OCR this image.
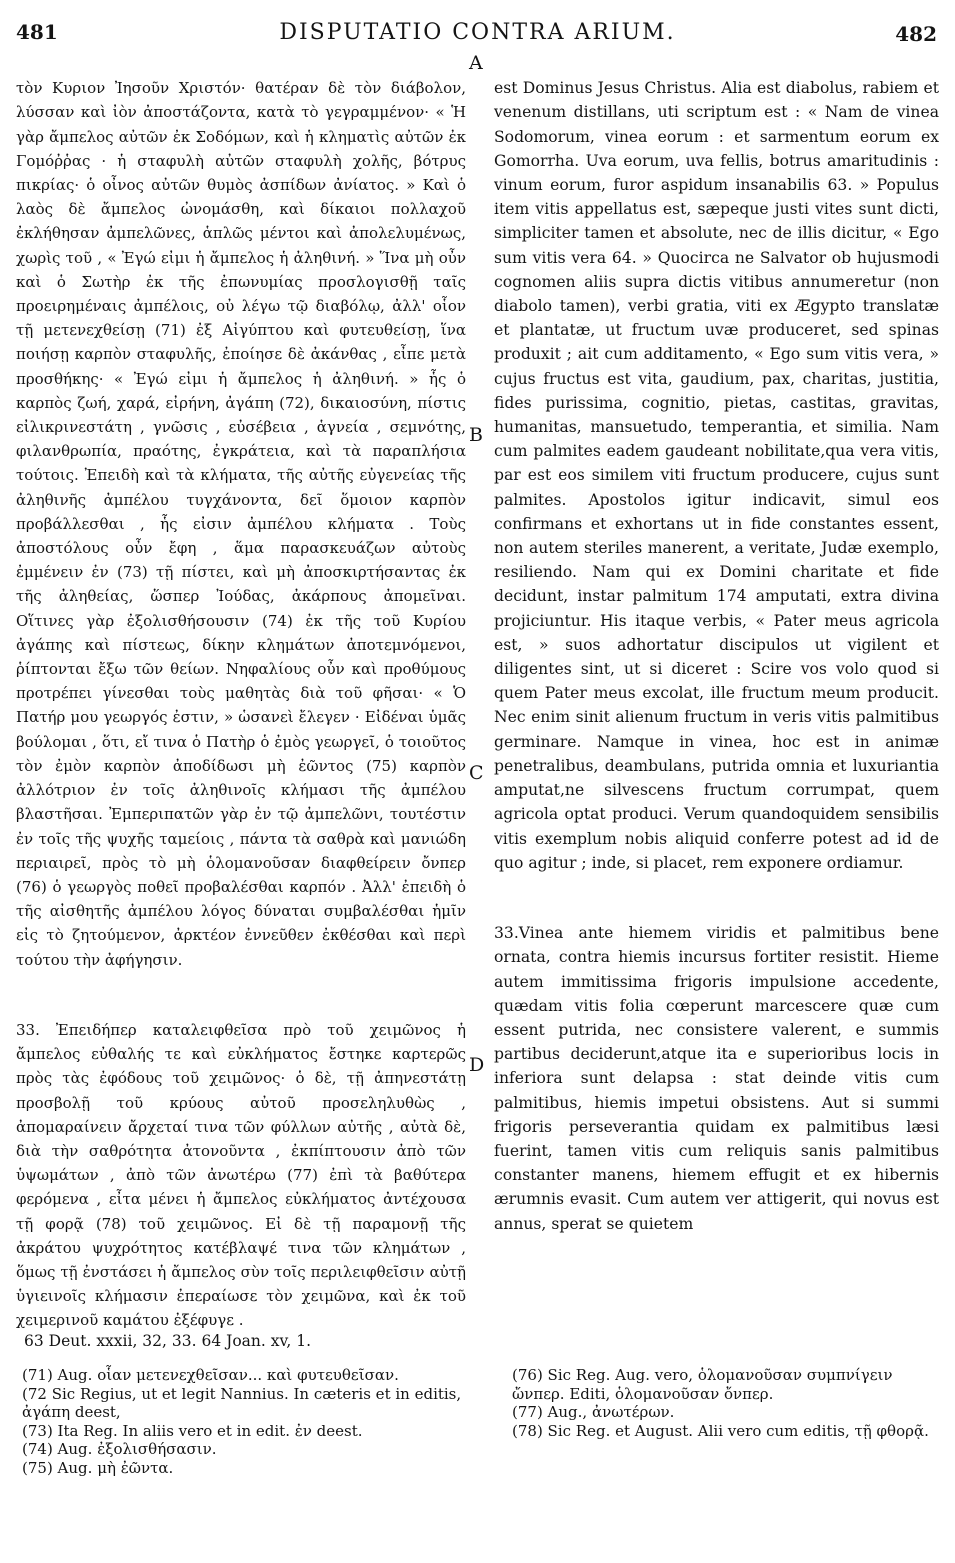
481	DISPUTATIO CONTRA ARIUM.	482

τὸν Κυριον Ἰησοῦν Χριστόν· θατέραν δὲ τὸν διάβολον, λύσσαν καὶ ἰὸν ἀποστάζοντα, κατὰ τὸ γεγραμμένον· « Ἡ γὰρ ἄμπελος αὐτῶν ἐκ Σοδόμων, καὶ ἡ κληματὶς αὐτῶν ἐκ Γομόῤῥας · ἡ σταφυλὴ αὐτῶν σταφυλὴ χολῆς, βότρυς πικρίας· ὁ οἶνος αὐτῶν θυμὸς ἀσπίδων ἀνίατος. » Καὶ ὁ λαὸς δὲ ἄμπελος ὠνομάσθη, καὶ δίκαιοι πολλαχοῦ ἐκλήθησαν ἀμπελῶνες, ἁπλῶς μέντοι καὶ ἀπολελυμένως, χωρὶς τοῦ , « Ἐγώ εἰμι ἡ ἄμπελος ἡ ἀληθινή. » Ἵνα μὴ οὖν καὶ ὁ Σωτὴρ ἐκ τῆς ἐπωνυμίας προσλογισθῇ ταῖς προειρημέναις ἀμπέλοις, οὐ λέγω τῷ διαβόλῳ, ἀλλ' οἷον τῇ μετενεχθείσῃ (71) ἐξ Αἰγύπτου καὶ φυτευθείσῃ, ἵνα ποιήσῃ καρπὸν σταφυλῆς, ἐποίησε δὲ ἀκάνθας , εἶπε μετὰ προσθήκης· « Ἐγώ εἰμι ἡ ἄμπελος ἡ ἀληθινή. » ἧς ὁ καρπὸς ζωή, χαρά, εἰρήνη, ἀγάπη (72), δικαιοσύνη, πίστις εἰλικρινεστάτη , γνῶσις , εὐσέβεια , ἁγνεία , σεμνότης, φιλανθρωπία, πραότης, ἐγκράτεια, καὶ τὰ παραπλήσια τούτοις. Ἐπειδὴ καὶ τὰ κλήματα, τῆς αὐτῆς εὐγενείας τῆς ἀληθινῆς ἀμπέλου τυγχάνοντα, δεῖ ὅμοιον καρπὸν προβάλλεσθαι , ἧς εἰσιν ἀμπέλου κλήματα . Τοὺς ἀποστόλους οὖν ἔφη , ἅμα παρασκευάζων αὐτοὺς ἐμμένειν ἐν (73) τῇ πίστει, καὶ μὴ ἀποσκιρτήσαντας ἐκ τῆς ἀληθείας, ὥσπερ Ἰούδας, ἀκάρπους ἀπομεῖναι. Οἵτινες γὰρ ἐξολισθήσουσιν (74) ἐκ τῆς τοῦ Κυρίου ἀγάπης καὶ πίστεως, δίκην κλημάτων ἀποτεμνόμενοι, ῥίπτονται ἔξω τῶν θείων. Νηφαλίους οὖν καὶ προθύμους προτρέπει γίνεσθαι τοὺς μαθητὰς διὰ τοῦ φῆσαι· « Ὁ Πατήρ μου γεωργός ἐστιν, » ὡσανεὶ ἔλεγεν · Εἰδέναι ὑμᾶς βούλομαι , ὅτι, εἴ τινα ὁ Πατὴρ ὁ ἐμὸς γεωργεῖ, ὁ τοιοῦτος τὸν ἐμὸν καρπὸν ἀποδίδωσι μὴ ἐῶντος (75) καρπὸν ἀλλότριον ἐν τοῖς ἀληθινοῖς κλήμασι τῆς ἀμπέλου βλαστῆσαι. Ἐμπεριπατῶν γὰρ ἐν τῷ ἀμπελῶνι, τουτέστιν ἐν τοῖς τῆς ψυχῆς ταμείοις , πάντα τὰ σαθρὰ καὶ μανιώδη περιαιρεῖ, πρὸς τὸ μὴ ὁλομανοῦσαν διαφθείρειν ὄνπερ (76) ὁ γεωργὸς ποθεῖ προβαλέσθαι καρπόν . Ἀλλ' ἐπειδὴ ὁ τῆς αἰσθητῆς ἀμπέλου λόγος δύναται συμβαλέσθαι ἡμῖν εἰς τὸ ζητούμενον, ἀρκτέον ἐννεῦθεν ἐκθέσθαι καὶ περὶ τούτου τὴν ἀφήγησιν.

33. Ἐπειδήπερ καταλειφθεῖσα πρὸ τοῦ χειμῶνος ἡ ἄμπελος εὐθαλής τε καὶ εὐκλήματος ἔστηκε καρτερῶς πρὸς τὰς ἐφόδους τοῦ χειμῶνος· ὁ δὲ, τῇ ἀπηνεστάτῃ προσβολῇ τοῦ κρύους αὐτοῦ προσεληλυθὼς , ἀπομαραίνειν ἄρχεταί τινα τῶν φύλλων αὐτῆς , αὐτὰ δὲ, διὰ τὴν σαθρότητα ἀτονοῦντα , ἐκπίπτουσιν ἀπὸ τῶν ὑψωμάτων , ἀπὸ τῶν ἀνωτέρω (77) ἐπὶ τὰ βαθύτερα φερόμενα , εἶτα μένει ἡ ἄμπελος εὐκλήματος ἀντέχουσα τῇ φορᾷ (78) τοῦ χειμῶνος. Εἰ δὲ τῇ παραμονῇ τῆς ἀκράτου ψυχρότητος κατέβλαψέ τινα τῶν κλημάτων , ὅμως τῇ ἐνστάσει ἡ ἄμπελος σὺν τοῖς περιλειφθεῖσιν αὐτῇ ὑγιεινοῖς κλήμασιν ἐπεραίωσε τὸν χειμῶνα, καὶ ἐκ τοῦ χειμερινοῦ καμάτου ἐξέφυγε .

A
B
C
D

est Dominus Jesus Christus. Alia est diabolus, rabiem et venenum distillans, uti scriptum est : « Nam de vinea Sodomorum, vinea eorum : et sarmentum eorum ex Gomorrha. Uva eorum, uva fellis, botrus amaritudinis : vinum eorum, furor aspidum insanabilis 63. » Populus item vitis appellatus est, sæpeque justi vites sunt dicti, simpliciter tamen et absolute, nec de illis dicitur, « Ego sum vitis vera 64. » Quocirca ne Salvator ob hujusmodi cognomen aliis supra dictis vitibus annumeretur (non diabolo tamen), verbi gratia, viti ex Ægypto translatæ et plantatæ, ut fructum uvæ produceret, sed spinas produxit ; ait cum additamento, « Ego sum vitis vera, » cujus fructus est vita, gaudium, pax, charitas, justitia, fides purissima, cognitio, pietas, castitas, gravitas, humanitas, mansuetudo, temperantia, et similia. Nam cum palmites eadem gaudeant nobilitate,qua vera vitis, par est eos similem viti fructum producere, cujus sunt palmites. Apostolos igitur indicavit, simul eos confirmans et exhortans ut in fide constantes essent, non autem steriles manerent, a veritate, Judæ exemplo, resiliendo. Nam qui ex Domini charitate et fide decidunt, instar palmitum 174 amputati, extra divina projiciuntur. His itaque verbis, « Pater meus agricola est, » suos adhortatur discipulos ut vigilent et diligentes sint, ut si diceret : Scire vos volo quod si quem Pater meus excolat, ille fructum meum producit. Nec enim sinit alienum fructum in veris vitis palmitibus germinare. Namque in vinea, hoc est in animæ penetralibus, deambulans, putrida omnia et luxuriantia amputat,ne silvescens fructum corrumpat, quem agricola optat produci. Verum quandoquidem sensibilis vitis exemplum nobis aliquid conferre potest ad id de quo agitur ; inde, si placet, rem exponere ordiamur.

33.Vinea ante hiemem viridis et palmitibus bene ornata, contra hiemis incursus fortiter resistit. Hieme autem immitissima frigoris impulsione accedente, quædam vitis folia cœperunt marcescere quæ cum essent putrida, nec consistere valerent, e summis partibus deciderunt,atque ita e superioribus locis in inferiora sunt delapsa : stat deinde vitis cum palmitibus, hiemis impetui obsistens. Aut si summi frigoris perseverantia quidam ex palmitibus læsi fuerint, tamen vitis cum reliquis sanis palmitibus constanter manens, hiemem effugit et ex hibernis ærumnis evasit. Cum autem ver attigerit, qui novus est annus, sperat se quietem

63 Deut. xxxii, 32, 33. 64 Joan. xv, 1.

(71) Aug. οἷαν μετενεχθεῖσαν... καὶ φυτευθεῖσαν.

(72 Sic Regius, ut et legit Nannius. In cæteris et in editis, ἀγάπη deest,

(73) Ita Reg. In aliis vero et in edit. ἐν deest.

(74) Aug. ἐξολισθήσασιν.

(75) Aug. μὴ ἐῶντα.

(76) Sic Reg. Aug. vero, ὁλομανοῦσαν συμπνίγειν ὤνπερ. Editi, ὁλομανοῦσαν ὄνπερ.

(77) Aug., ἀνωτέρων.

(78) Sic Reg. et August. Alii vero cum editis, τῇ φθορᾷ.
